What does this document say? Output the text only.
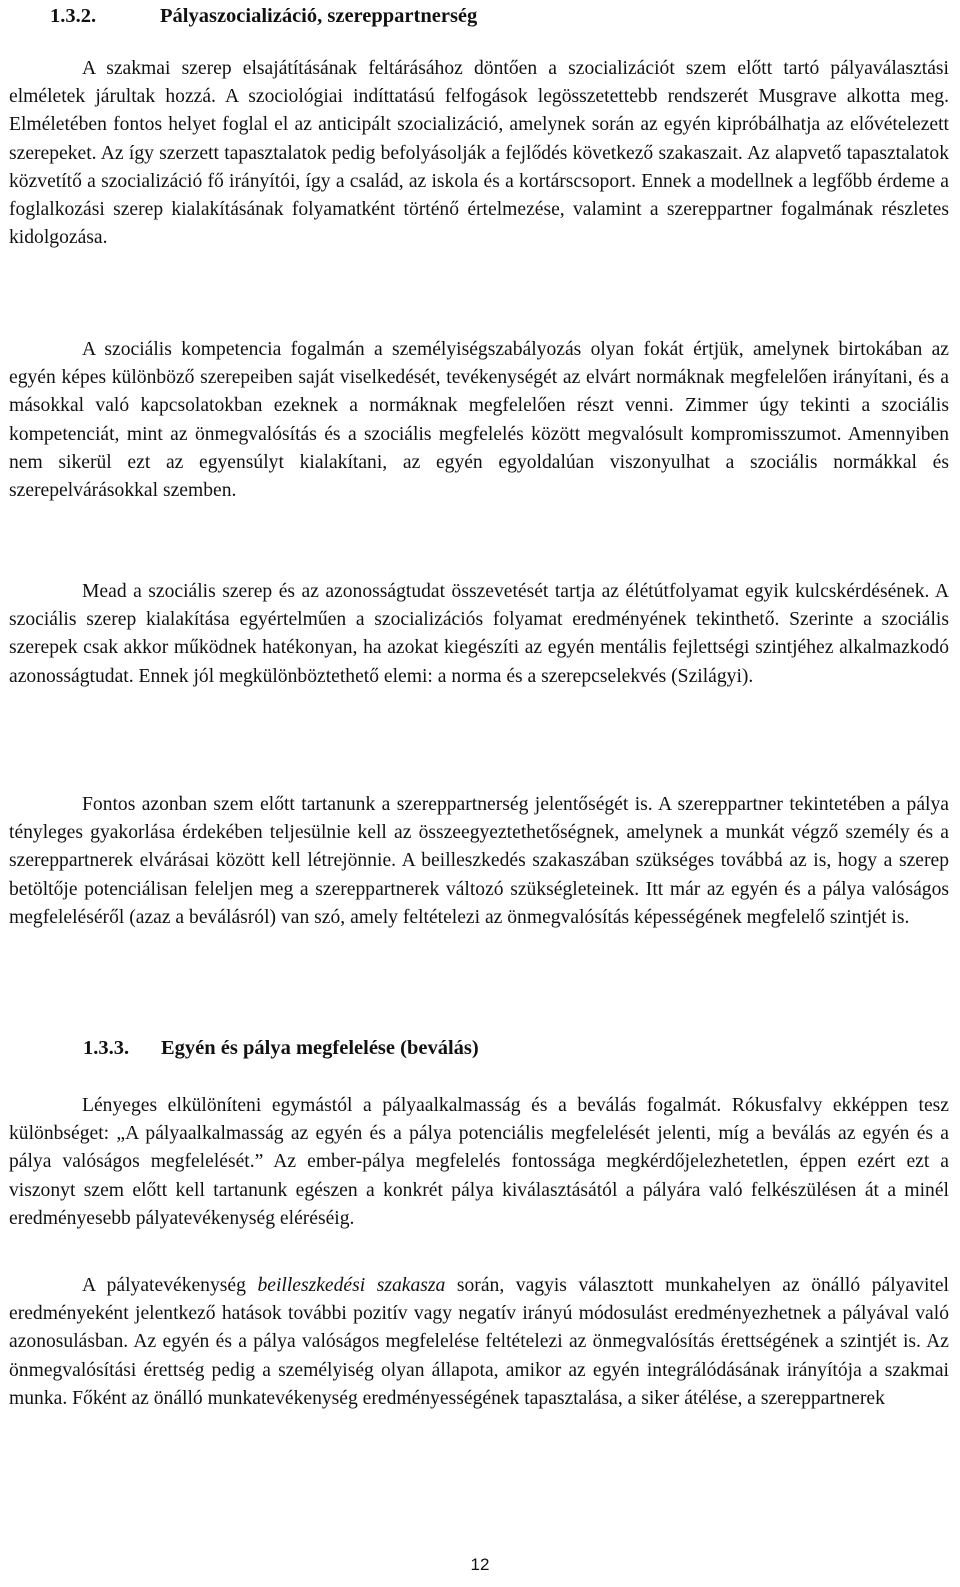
1.3.2.	Pályaszocializáció, szereppartnerség

A szakmai szerep elsajátításának feltárásához döntően a szocializációt szem előtt tartó pályaválasztási elméletek járultak hozzá. A szociológiai indíttatású felfogások legösszetettebb rendszerét Musgrave alkotta meg. Elméletében fontos helyet foglal el az anticipált szocializáció, amelynek során az egyén kipróbálhatja az elővételezett szerepeket. Az így szerzett tapasztalatok pedig befolyásolják a fejlődés következő szakaszait. Az alapvető tapasztalatok közvetítő a szocializáció fő irányítói, így a család, az iskola és a kortárscsoport. Ennek a modellnek a legfőbb érdeme a foglalkozási szerep kialakításának folyamatként történő értelmezése, valamint a szereppartner fogalmának részletes kidolgozása.

A szociális kompetencia fogalmán a személyiségszabályozás olyan fokát értjük, amelynek birtokában az egyén képes különböző szerepeiben saját viselkedését, tevékenységét az elvárt normáknak megfelelően irányítani, és a másokkal való kapcsolatokban ezeknek a normáknak megfelelően részt venni. Zimmer úgy tekinti a szociális kompetenciát, mint az önmegvalósítás és a szociális megfelelés között megvalósult kompromisszumot. Amennyiben nem sikerül ezt az egyensúlyt kialakítani, az egyén egyoldalúan viszonyulhat a szociális normákkal és szerepelvárásokkal szemben.

Mead a szociális szerep és az azonosságtudat összevetését tartja az élétútfolyamat egyik kulcskérdésének. A szociális szerep kialakítása egyértelműen a szocializációs folyamat eredményének tekinthető. Szerinte a szociális szerepek csak akkor működnek hatékonyan, ha azokat kiegészíti az egyén mentális fejlettségi szintjéhez alkalmazkodó azonosságtudat. Ennek jól megkülönböztethető elemi: a norma és a szerepcselekvés (Szilágyi).

Fontos azonban szem előtt tartanunk a szereppartnerség jelentőségét is. A szereppartner tekintetében a pálya tényleges gyakorlása érdekében teljesülnie kell az összeegyeztethetőségnek, amelynek a munkát végző személy és a szereppartnerek elvárásai között kell létrejönnie. A beilleszkedés szakaszában szükséges továbbá az is, hogy a szerep betöltője potenciálisan feleljen meg a szereppartnerek változó szükségleteinek. Itt már az egyén és a pálya valóságos megfeleléséről (azaz a beválásról) van szó, amely feltételezi az önmegvalósítás képességének megfelelő szintjét is.

1.3.3. Egyén és pálya megfelelése (beválás)

Lényeges elkülöníteni egymástól a pályaalkalmasság és a beválás fogalmát. Rókusfalvy ekképpen tesz különbséget: „A pályaalkalmasság az egyén és a pálya potenciális megfelelését jelenti, míg a beválás az egyén és a pálya valóságos megfelelését.” Az ember-pálya megfelelés fontossága megkérdőjelezhetetlen, éppen ezért ezt a viszonyt szem előtt kell tartanunk egészen a konkrét pálya kiválasztásától a pályára való felkészülésen át a minél eredményesebb pályatevékenység eléréséig.

A pályatevékenység beilleszkedési szakasza során, vagyis választott munkahelyen az önálló pályavitel eredményeként jelentkező hatások további pozitív vagy negatív irányú módosulást eredményezhetnek a pályával való azonosulásban. Az egyén és a pálya valóságos megfelelése feltételezi az önmegvalósítás érettségének a szintjét is. Az önmegvalósítási érettség pedig a személyiség olyan állapota, amikor az egyén integrálódásának irányítója a szakmai munka. Főként az önálló munkatevékenység eredményességének tapasztalása, a siker átélése, a szereppartnerek

12
